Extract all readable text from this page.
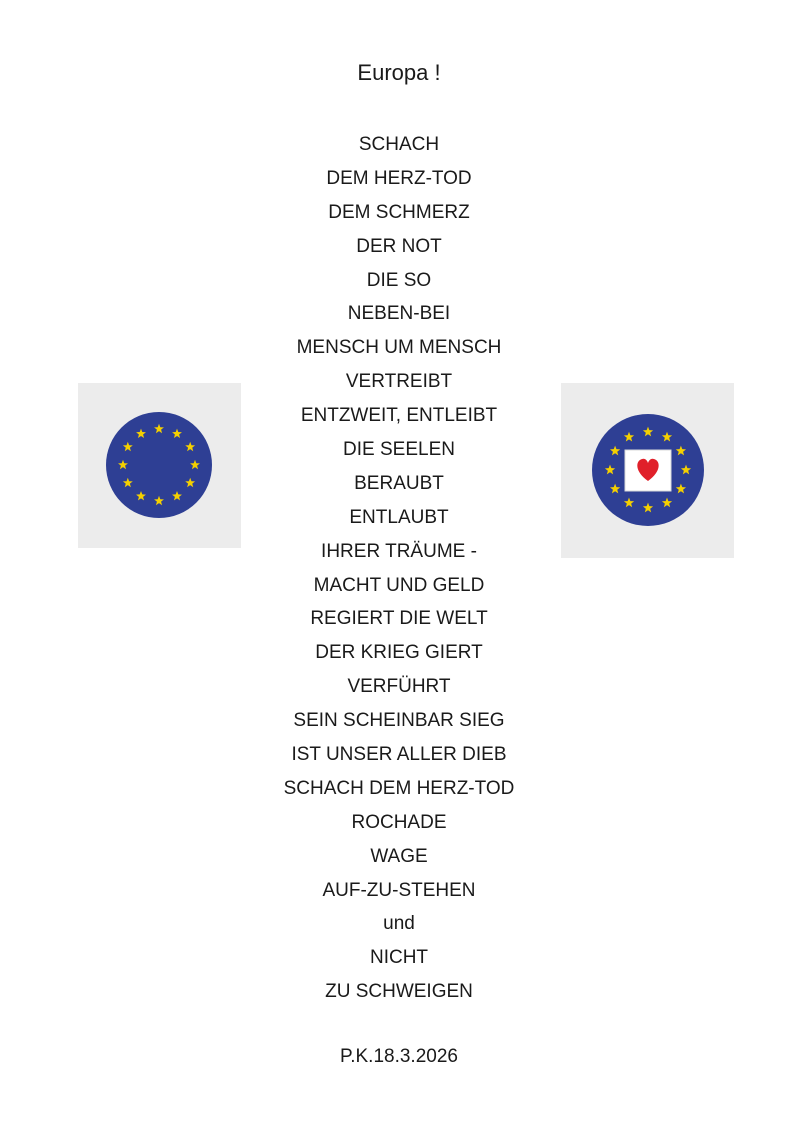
Europa !
SCHACH
DEM HERZ-TOD
DEM SCHMERZ
DER NOT
DIE SO
NEBEN-BEI
MENSCH UM MENSCH
VERTREIBT
ENTZWEIT, ENTLEIBT
DIE SEELEN
BERAUBT
ENTLAUBT
IHRER TRÄUME -
MACHT UND GELD
REGIERT DIE WELT
DER KRIEG GIERT
VERFÜHRT
SEIN SCHEINBAR SIEG
IST UNSER ALLER DIEB
SCHACH DEM HERZ-TOD
ROCHADE
WAGE
AUF-ZU-STEHEN
und
NICHT
ZU SCHWEIGEN
P.K.18.3.2026
